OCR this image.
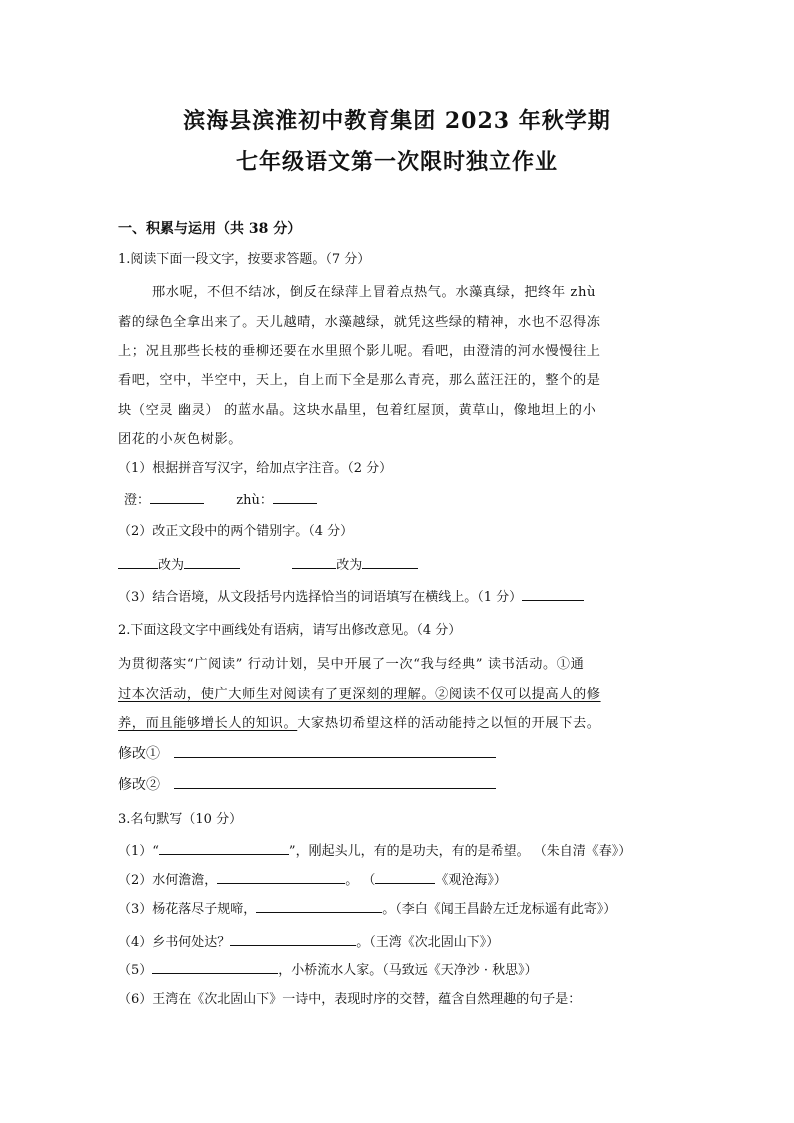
滨海县滨淮初中教育集团 2023 年秋学期
七年级语文第一次限时独立作业
一、积累与运用（共 38 分）
1.阅读下面一段文字，按要求答题。（7 分）
邢水呢，不但不结冰，倒反在绿萍上冒着点热气。水藻真绿，把终年 zhù
蓄的绿色全拿出来了。天儿越晴，水藻越绿，就凭这些绿的精神，水也不忍得冻
上；况且那些长枝的垂柳还要在水里照个影儿呢。看吧，由澄清的河水慢慢往上
看吧，空中，半空中，天上，自上而下全是那么青亮，那么蓝汪汪的，整个的是
块（空灵 幽灵） 的蓝水晶。这块水晶里，包着红屋顶，黄草山，像地坦上的小
团花的小灰色树影。
（1）根据拼音写汉字，给加点字注音。（2 分）
澄：	zhù：
（2）改正文段中的两个错别字。（4 分）
改为	改为
（3）结合语境，从文段括号内选择恰当的词语填写在横线上。（1 分）
2.下面这段文字中画线处有语病，请写出修改意见。（4 分）
为贯彻落实“广阅读” 行动计划，吴中开展了一次“我与经典” 读书活动。①通
过本次活动，使广大师生对阅读有了更深刻的理解。②阅读不仅可以提高人的修
养，而且能够增长人的知识。大家热切希望这样的活动能持之以恒的开展下去。
修改①
修改②
3.名句默写（10 分）
（1）“	”，刚起头儿，有的是功夫，有的是希望。 （朱自清《春》）
（2）水何澹澹，	。 （	《观沧海》）
（3）杨花落尽子规啼，	。（李白《闻王昌龄左迁龙标遥有此寄》）
（4）乡书何处达？	。（王湾《次北固山下》）
（5）	，小桥流水人家。（马致远《天净沙 · 秋思》）
（6）王湾在《次北固山下》一诗中，表现时序的交替，蕴含自然理趣的句子是：
